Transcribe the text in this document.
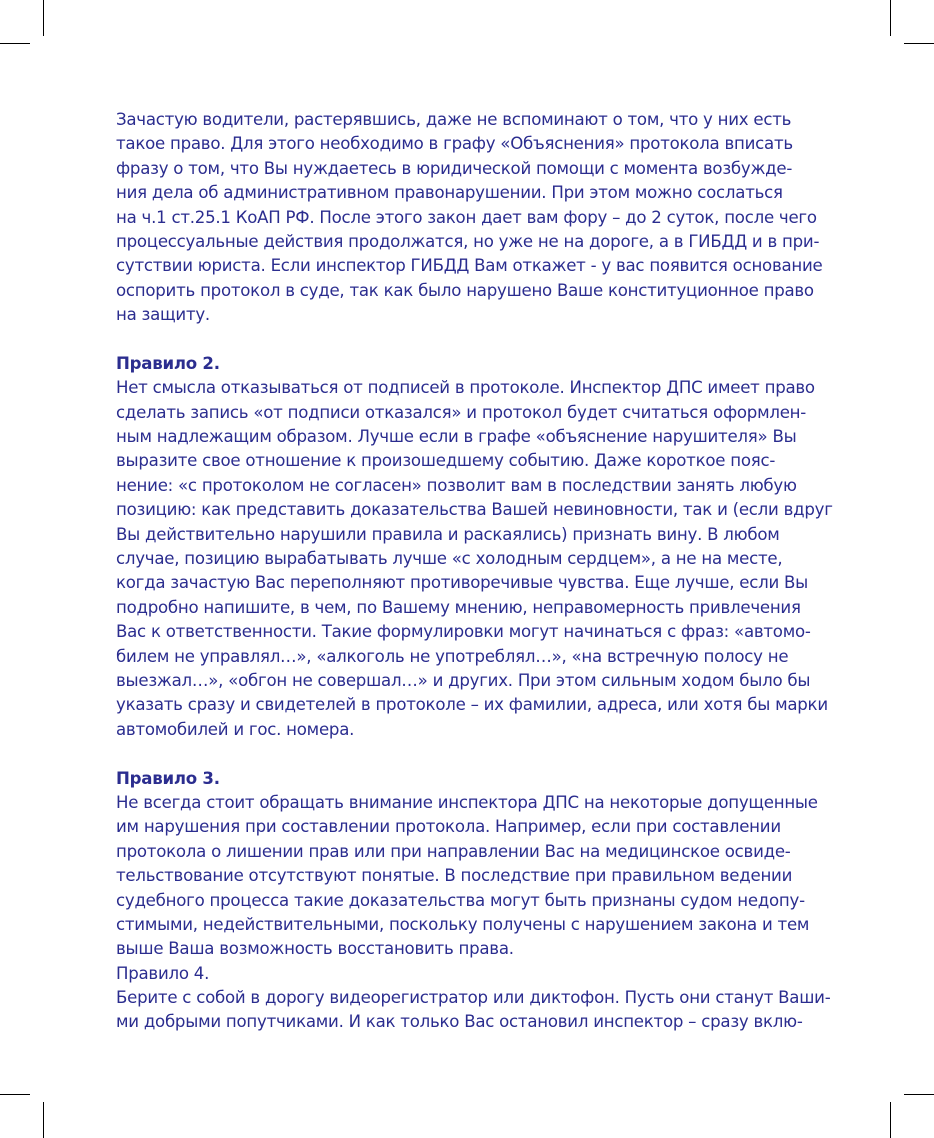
Зачастую водители, растерявшись, даже не вспоминают о том, что у них есть
такое право. Для этого необходимо в графу «Объяснения» протокола вписать
фразу о том, что Вы нуждаетесь в юридической помощи с момента возбужде-
ния дела об административном правонарушении. При этом можно сослаться
на ч.1 ст.25.1 КоАП РФ. После этого закон дает вам фору – до 2 суток, после чего
процессуальные действия продолжатся, но уже не на дороге, а в ГИБДД и в при-
сутствии юриста. Если инспектор ГИБДД Вам откажет - у вас появится основание
оспорить протокол в суде, так как было нарушено Ваше конституционное право
на защиту.
Правило 2.
Нет смысла отказываться от подписей в протоколе. Инспектор ДПС имеет право
сделать запись «от подписи отказался» и протокол будет считаться оформлен-
ным надлежащим образом. Лучше если в графе «объяснение нарушителя» Вы
выразите свое отношение к произошедшему событию. Даже короткое пояс-
нение: «с протоколом не согласен» позволит вам в последствии занять любую
позицию: как представить доказательства Вашей невиновности, так и (если вдруг
Вы действительно нарушили правила и раскаялись) признать вину. В любом
случае, позицию вырабатывать лучше «с холодным сердцем», а не на месте,
когда зачастую Вас переполняют противоречивые чувства. Еще лучше, если Вы
подробно напишите, в чем, по Вашему мнению, неправомерность привлечения
Вас к ответственности. Такие формулировки могут начинаться с фраз: «автомо-
билем не управлял…», «алкоголь не употреблял…», «на встречную полосу не
выезжал…», «обгон не совершал…» и других. При этом сильным ходом было бы
указать сразу и свидетелей в протоколе – их фамилии, адреса, или хотя бы марки
автомобилей и гос. номера.
Правило 3.
Не всегда стоит обращать внимание инспектора ДПС на некоторые допущенные
им нарушения при составлении протокола. Например, если при составлении
протокола о лишении прав или при направлении Вас на медицинское освиде-
тельствование отсутствуют понятые. В последствие при правильном ведении
судебного процесса такие доказательства могут быть признаны судом недопу-
стимыми, недействительными, поскольку получены с нарушением закона и тем
выше Ваша возможность восстановить права.
Правило 4.
Берите с собой в дорогу видеорегистратор или диктофон. Пусть они станут Ваши-
ми добрыми попутчиками. И как только Вас остановил инспектор – сразу вклю-
